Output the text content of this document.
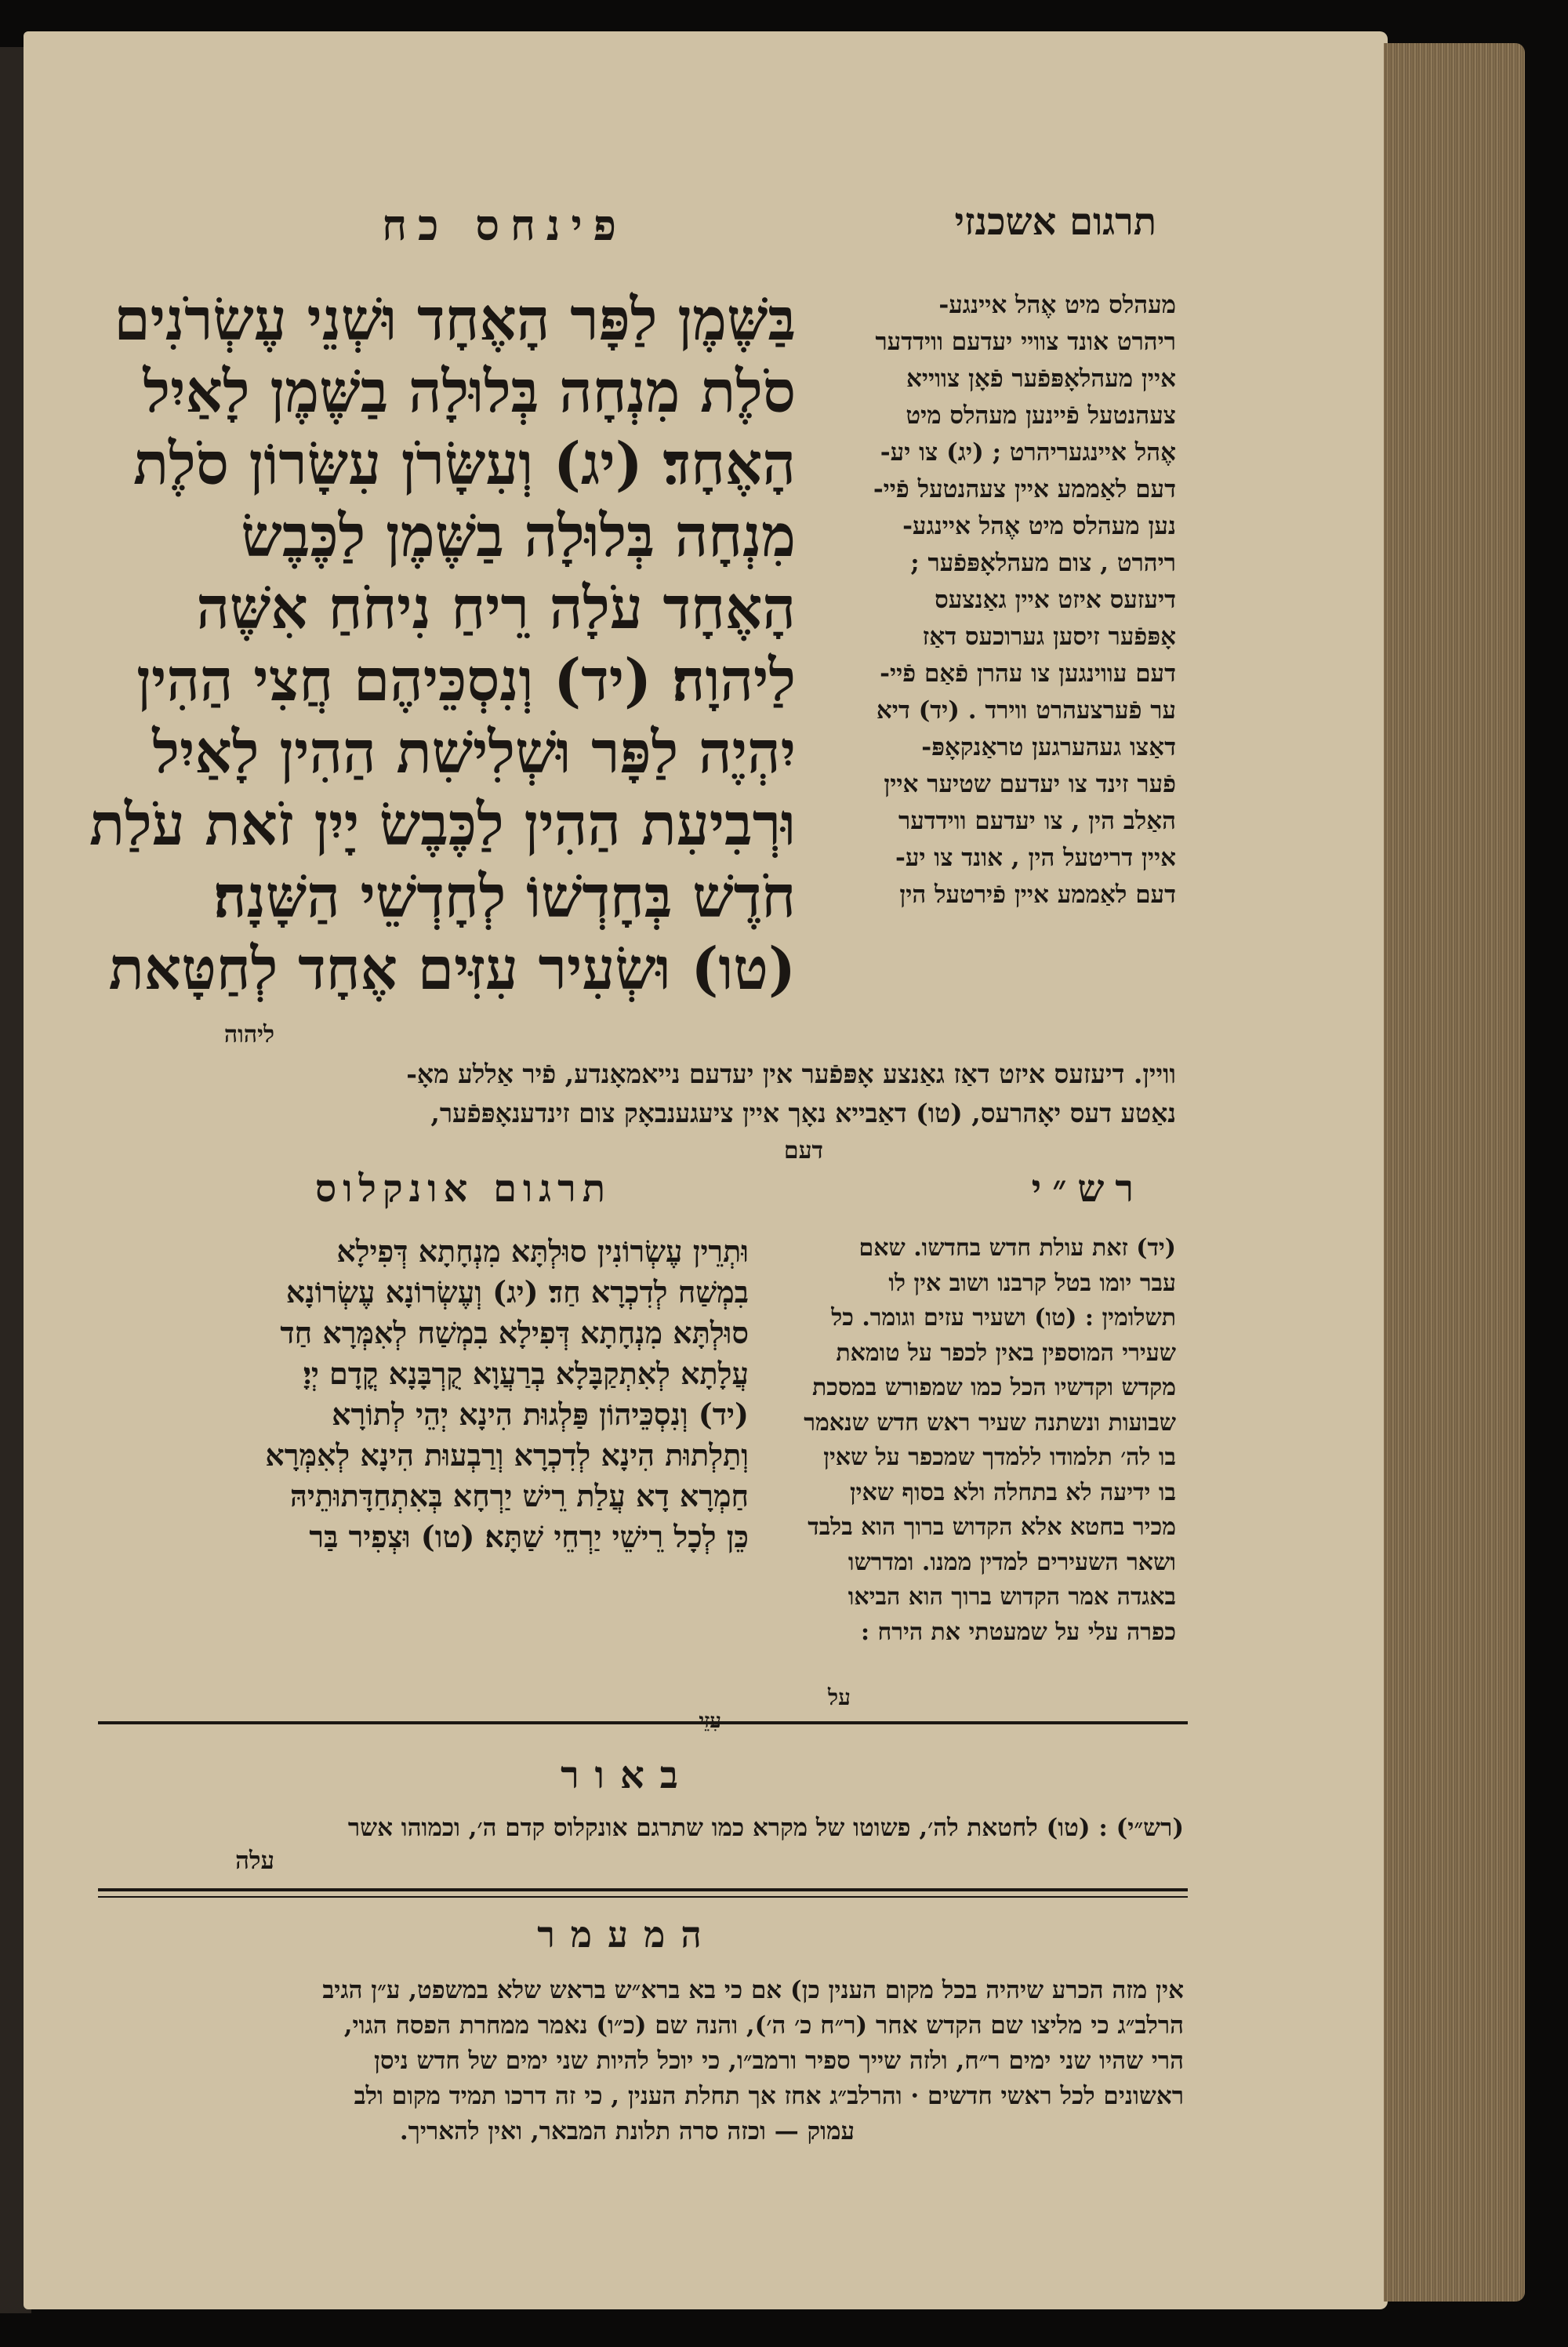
פינחס כח	תרגום אשכנזי
בַּשֶּׁמֶן לַפָּר הָאֶחָד וּשְׁנֵי עֶשְׂרֹנִים
סֹלֶת מִנְחָה בְּלוּלָה בַשֶּׁמֶן לָאַיִל
הָאֶחָד׃ (יג) וְעִשָּׂרֹן עִשָּׂרוֹן סֹלֶת
מִנְחָה בְּלוּלָה בַשֶּׁמֶן לַכֶּבֶשׂ
הָאֶחָד עֹלָה רֵיחַ נִיחֹחַ אִשֶּׁה
לַיהוָה׃ (יד) וְנִסְכֵּיהֶם חֲצִי הַהִין
יִהְיֶה לַפָּר וּשְׁלִישִׁת הַהִין לָאַיִל
וּרְבִיעִת הַהִין לַכֶּבֶשׂ יָיִן זֹאת עֹלַת
חֹדֶשׁ בְּחָדְשׁוֹ לְחָדְשֵׁי הַשָּׁנָה׃
(טו) וּשְׂעִיר עִזִּים אֶחָד לְחַטָּאת
ליהוה
מעהלס מיט אֶהל איינגע-
ריהרט אונד צוויי יעדעם ווידדער
איין מעהלאָפּפֿער פֿאָן צווייא
צעהנטעל פֿיינען מעהלס מיט
אֶהל איינגעריהרט ; (יג) צו יע-
דעם לאַממע איין צעהנטעל פֿיי-
נען מעהלס מיט אֶהל איינגע-
ריהרט , צום מעהלאָפּפֿער ;
דיעזעס איזט איין גאַנצעס
אָפּפֿער זיסען גערוכעס דאַז
דעם עווינגען צו עהרן פֿאַם פֿיי-
ער פֿערצעהרט ווירד . (יד) דיא
דאַצו געהערגען טראַנקאָפּ-
פֿער זינד צו יעדעם שטיער איין
האַלב הין , צו יעדעם ווידדער
איין דריטעל הין , אונד צו יע-
דעם לאַממע איין פֿירטעל הין
וויין. דיעזעס איזט דאַז גאַנצע אָפּפֿער אין יעדעם נייאמאָנדע, פֿיר אַללע מאָ-
נאַטע דעס יאָהרעס, (טו) דאַבייא נאָך איין ציעגענבאָק צום זינדענאָפּפֿער,
דעם
תרגום אונקלוס
וּתְרֵין עֶשְׂרוֹנִין סוּלְתָּא מִנְחָתָא דְּפִילָא
בִמְשַׁח לְדִכְרָא חַד׃ (יג) וְעֶשְׂרוֹנָא עֶשְׂרוֹנָא
סוּלְתָּא מִנְחָתָא דְּפִילָא בִמְשַׁח לְאִמְּרָא חַד
עֲלָתָא לְאִתְקַבָּלָא בְרַעֲוָא קֻרְבָּנָא קֳדָם יְיָ׃
(יד) וְנִסְכֵּיהוֹן פַּלְגוּת הִינָא יְהֵי לְתוֹרָא
וְתַלְתוּת הִינָא לְדִכְרָא וְרַבְעוּת הִינָא לְאִמְּרָא
חַמְרָא דָא עֲלַת רֵישׁ יַרְחָא בְּאִתְחַדָּתוּתֵיהּ
כֵּן לְכָל רֵישֵׁי יַרְחֵי שַׁתָּא׃ (טו) וּצְפִיר בַּר
רש״י
(יד) זאת עולת חדש בחדשו. שאם
עבר יומו בטל קרבנו ושוב אין לו
תשלומין : (טו) ושעיר עזים וגומר. כל
שעירי המוספין באין לכפר על טומאת
מקדש וקדשיו הכל כמו שמפורש במסכת
שבועות ונשתנה שעיר ראש חדש שנאמר
בו לה׳ תלמודו ללמדך שמכפר על שאין
בו ידיעה לא בתחלה ולא בסוף שאין
מכיר בחטא אלא הקדוש ברוך הוא בלבד
ושאר השעירים למדין ממנו. ומדרשו
באגדה אמר הקדוש ברוך הוא הביאו
כפרה עלי על שמעטתי את הירח :
על
באור
(רש״י) : (טו) לחטאת לה׳, פשוטו של מקרא כמו שתרגם אונקלוס קדם ה׳, וכמוהו אשר
עלה
המעמר
אין מזה הכרע שיהיה בכל מקום הענין כן) אם כי בא ברא״ש בראש שלא במשפט, ע״ן הגיב
הרלב״ג כי מליצו שם הקדש אחר (ר״ח כ׳ ה׳), והנה שם (כ״ו) נאמר ממחרת הפסח הגוי,
הרי שהיו שני ימים ר״ח, ולזה שייך ספיר ורמב״ו, כי יוכל להיות שני ימים של חדש ניסן
ראשונים לכל ראשי חדשים · והרלב״ג אחז אך תחלת הענין , כי זה דרכו תמיד מקום ולב
עמוק — וכזה סרה תלונת המבאר, ואין להאריך.
